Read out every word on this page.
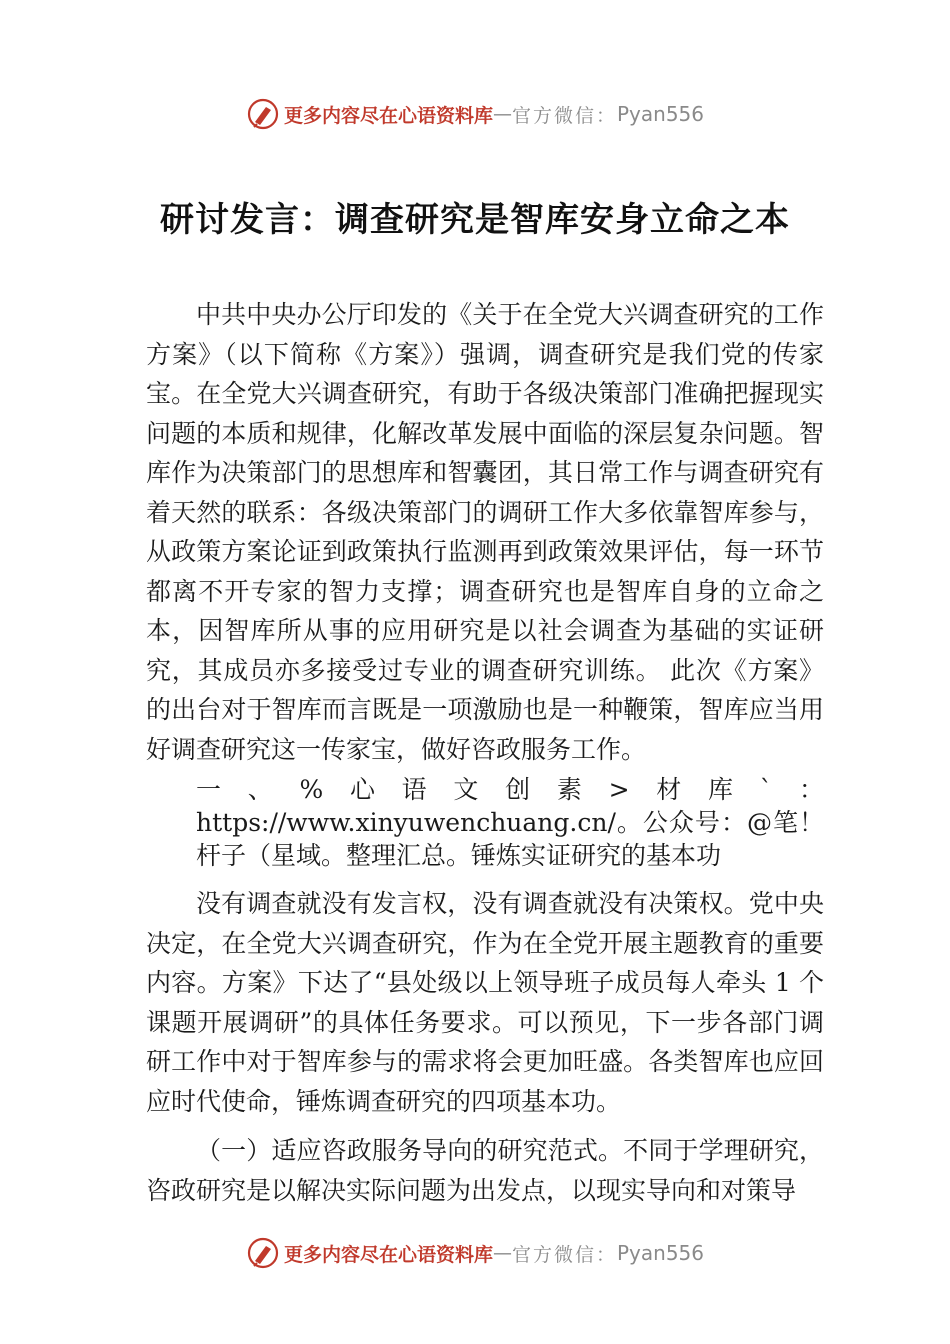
更多内容尽在心语资料库 — 官方微信： Pyan556
研讨发言：调查研究是智库安身立命之本

中共中央办公厅印发的《关于在全党大兴调查研究的工作方案》（以下简称《方案》）强调，调查研究是我们党的传家宝。在全党大兴调查研究，有助于各级决策部门准确把握现实问题的本质和规律，化解改革发展中面临的深层复杂问题。智库作为决策部门的思想库和智囊团，其日常工作与调查研究有着天然的联系：各级决策部门的调研工作大多依靠智库参与，从政策方案论证到政策执行监测再到政策效果评估，每一环节都离不开专家的智力支撑；调查研究也是智库自身的立命之本，因智库所从事的应用研究是以社会调查为基础的实证研究，其成员亦多接受过专业的调查研究训练。 此次《方案》的出台对于智库而言既是一项激励也是一种鞭策，智库应当用好调查研究这一传家宝，做好咨政服务工作。

一、%心语文创素>材库`：https://www.xinyuwenchuang.cn/。公众号：@笔！杆子（星域。整理汇总。锤炼实证研究的基本功

没有调查就没有发言权，没有调查就没有决策权。党中央决定，在全党大兴调查研究，作为在全党开展主题教育的重要内容。方案》下达了“县处级以上领导班子成员每人牵头 1 个课题开展调研”的具体任务要求。可以预见，下一步各部门调研工作中对于智库参与的需求将会更加旺盛。各类智库也应回应时代使命，锤炼调查研究的四项基本功。

（一）适应咨政服务导向的研究范式。不同于学理研究，咨政研究是以解决实际问题为出发点，以现实导向和对策导

更多内容尽在心语资料库 — 官方微信： Pyan556
